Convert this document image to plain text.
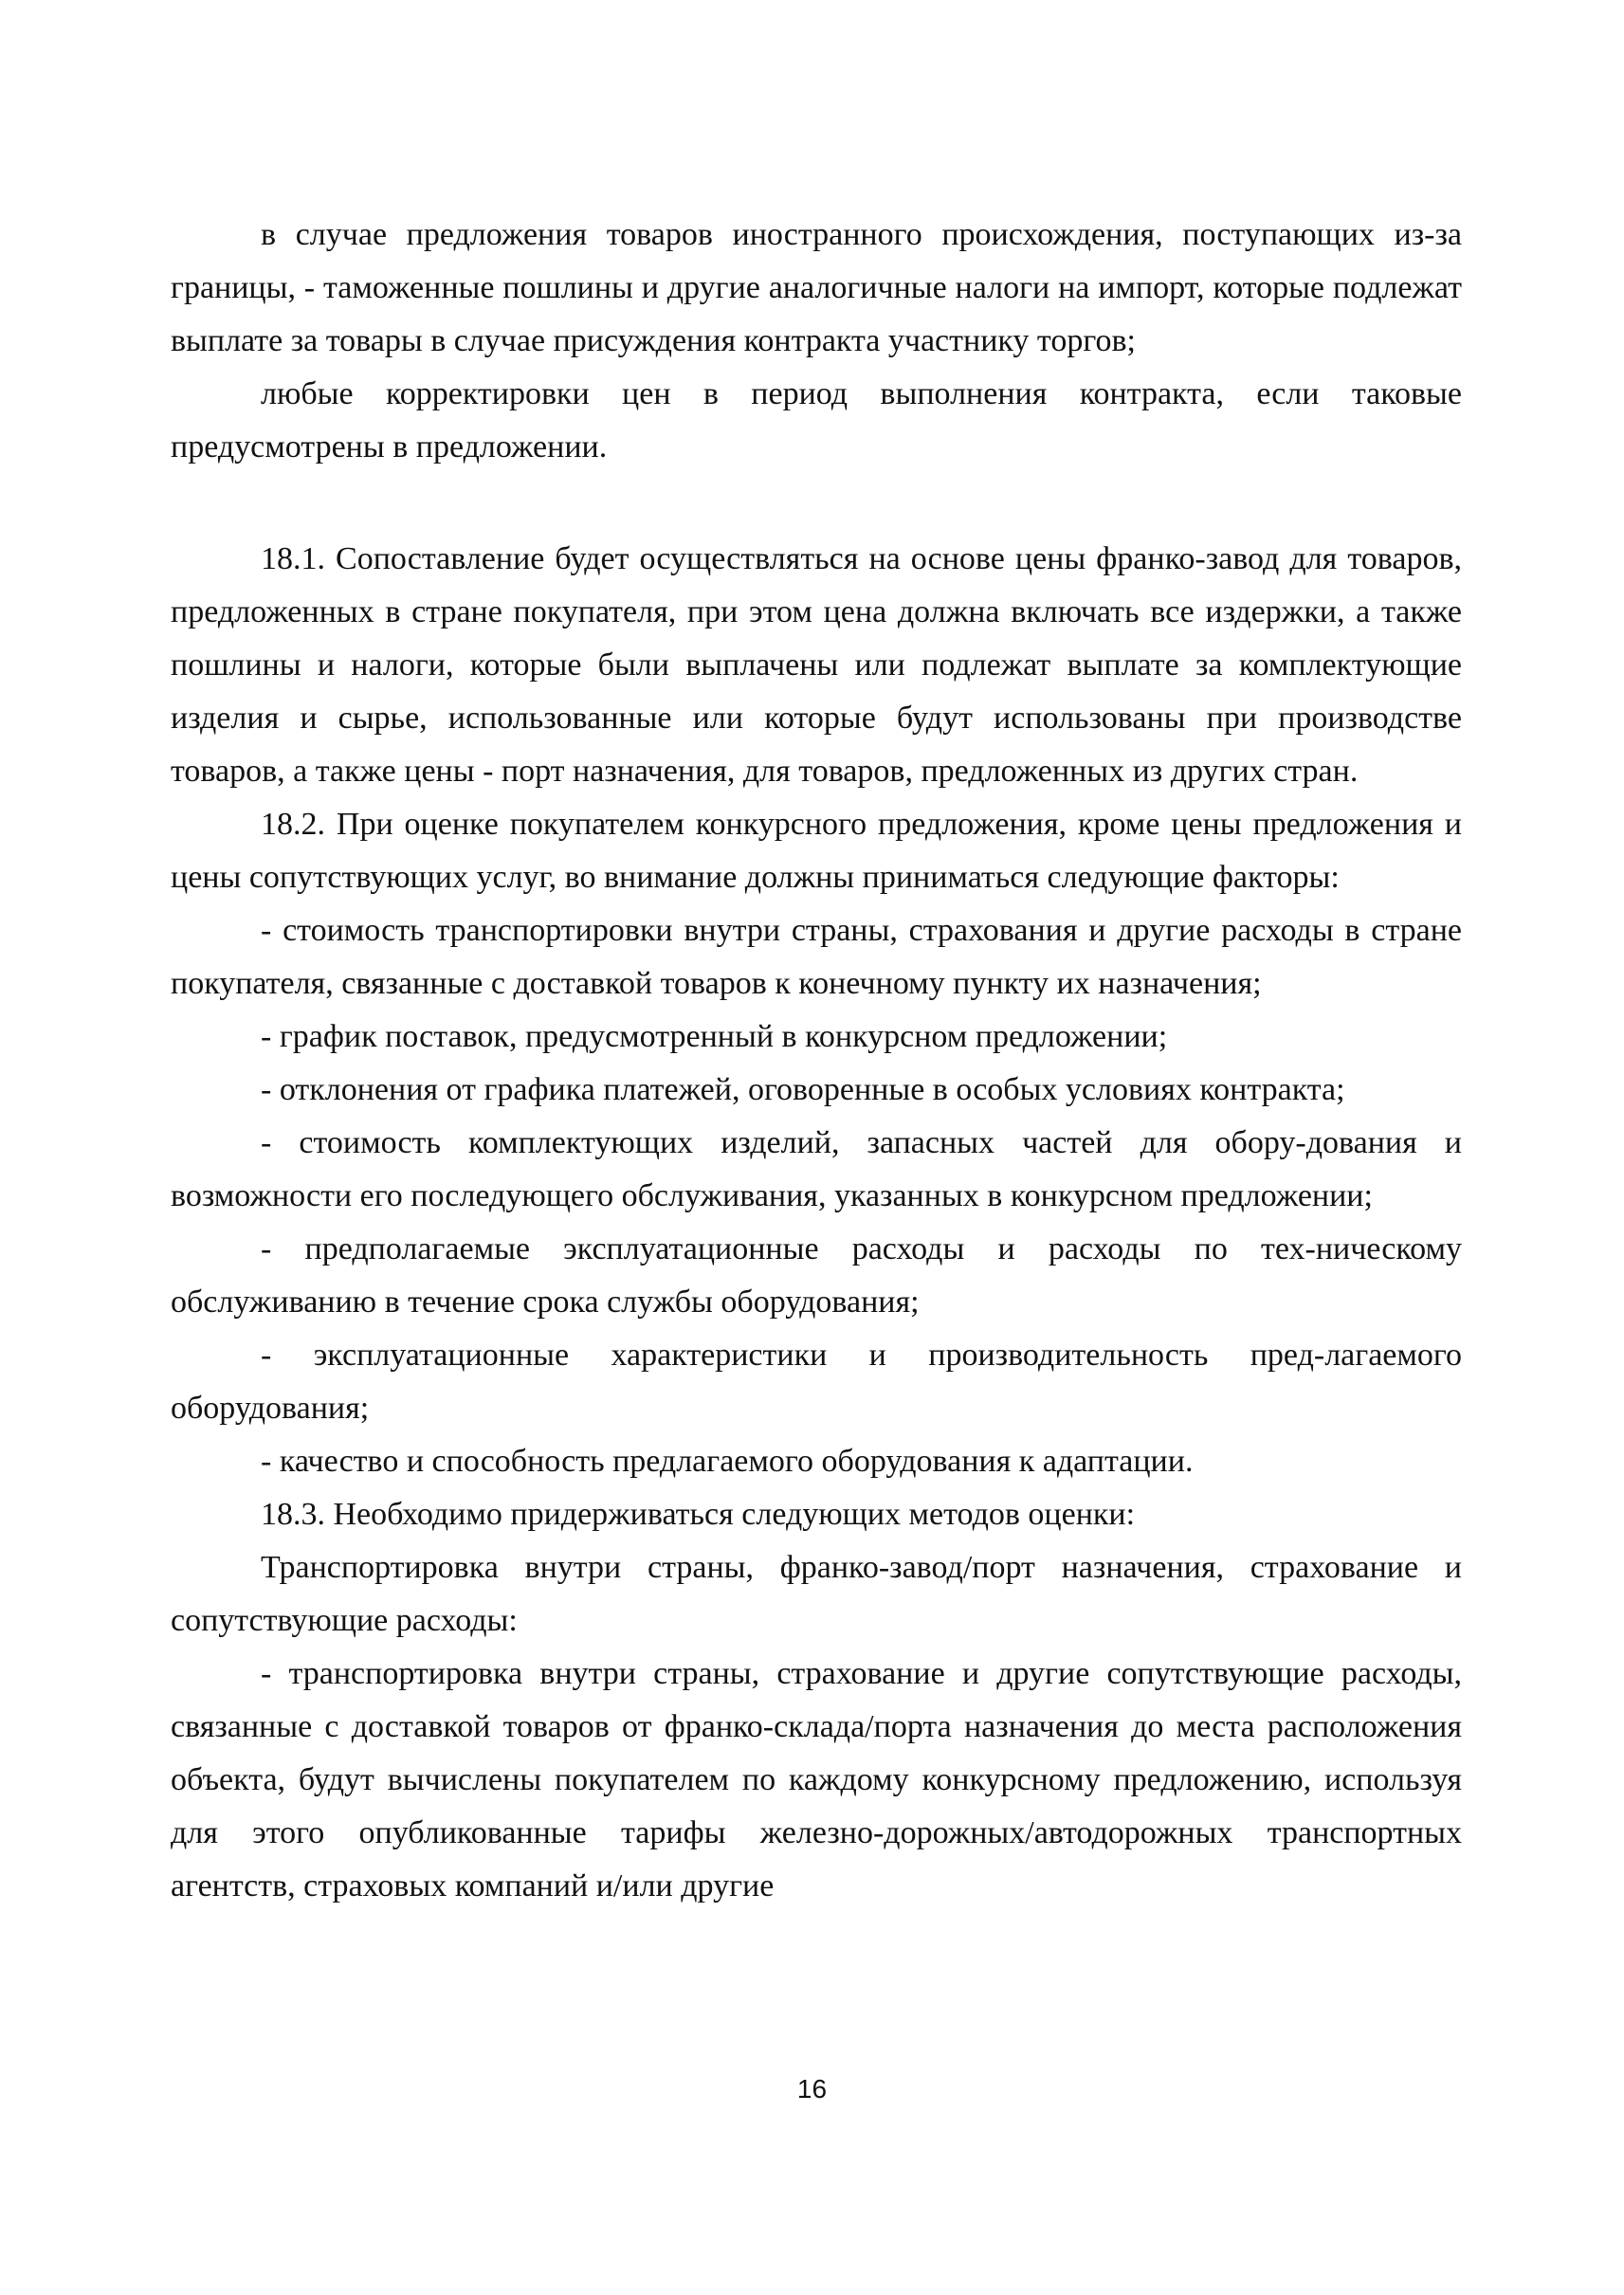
в случае предложения товаров иностранного происхождения, поступающих из-за границы, - таможенные пошлины и другие аналогичные налоги на импорт, которые подлежат выплате за товары в случае присуждения контракта участнику торгов;

любые корректировки цен в период выполнения контракта, если таковые предусмотрены в предложении.

18.1. Сопоставление будет осуществляться на основе цены франко-завод для товаров, предложенных в стране покупателя, при этом цена должна включать все издержки, а также пошлины и налоги, которые были выплачены или подлежат выплате за комплектующие изделия и сырье, использованные или которые будут использованы при производстве товаров, а также цены - порт назначения, для товаров, предложенных из других стран.

18.2. При оценке покупателем конкурсного предложения, кроме цены предложения и цены сопутствующих услуг, во внимание должны приниматься следующие факторы:

- стоимость транспортировки внутри страны, страхования и другие расходы в стране покупателя, связанные с доставкой товаров к конечному пункту их назначения;

- график поставок, предусмотренный в конкурсном предложении;

- отклонения от графика платежей, оговоренные в особых условиях контракта;

- стоимость комплектующих изделий, запасных частей для обору-дования и возможности его последующего обслуживания, указанных в конкурсном предложении;

- предполагаемые эксплуатационные расходы и расходы по тех-ническому обслуживанию в течение срока службы оборудования;

- эксплуатационные характеристики и производительность пред-лагаемого оборудования;

- качество и способность предлагаемого оборудования к адаптации.

18.3. Необходимо придерживаться следующих методов оценки:

Транспортировка внутри страны, франко-завод/порт назначения, страхование и сопутствующие расходы:

- транспортировка внутри страны, страхование и другие сопутствующие расходы, связанные с доставкой товаров от франко-склада/порта назначения до места расположения объекта, будут вычислены покупателем по каждому конкурсному предложению, используя для этого опубликованные тарифы железно-дорожных/автодорожных транспортных агентств, страховых компаний и/или другие

16
